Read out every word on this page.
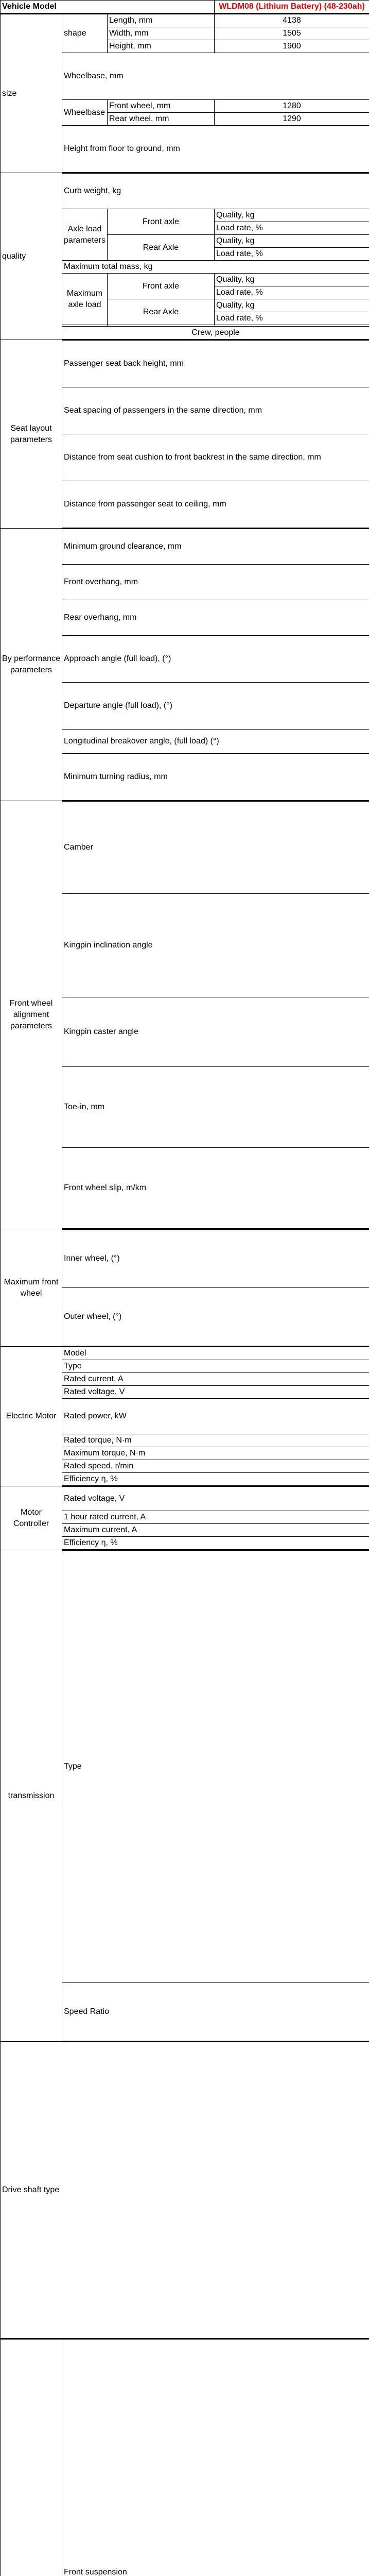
Vehicle Model				WLDM08 (Lithium Battery) (48-230ah)	
size	shape	Length, mm		4138	
		Width, mm		1505	
		Height, mm		1900	
	Wheelbase, mm	
	Wheelbase	Front wheel, mm		1280	
		Rear wheel, mm		1290	
	Height from floor to ground, mm	
quality	Curb weight, kg	
	Axle load parameters	Front axle		Quality, kg	
				Load rate, %	

		Rear Axle		Quality, kg	
				Load rate, %	

	Maximum total mass, kg				
	Maximum axle load	Front axle		Quality, kg	
				Load rate, %	

		Rear Axle		Quality, kg	
				Load rate, %	

	Crew, people	
Seat layout parameters	Passenger seat back height, mm	
	Seat spacing of passengers in the same direction, mm	

	Distance from seat cushion to front backrest in the same direction, mm	

	Distance from passenger seat to ceiling, mm	
By performance parameters	Minimum ground clearance, mm	
	Front overhang, mm	
	Rear overhang, mm	
	Approach angle (full load), (°)	
	Departure angle (full load), (°)	
	Longitudinal breakover angle, (full load) (°)	
	Minimum turning radius, mm	
Front wheel alignment parameters	Camber	
	Kingpin inclination angle	
	Kingpin caster angle	
	Toe-in, mm	
	Front wheel slip, m/km	
Maximum front wheel	Inner wheel, (°)	
	Outer wheel, (°)	
Electric Motor	Model				
	Type				
	Rated current, A				
	Rated voltage, V				
	Rated power, kW	
	Rated torque, N·m				
	Maximum torque, N·m				
	Rated speed, r/min				
	Efficiency η, %				
Motor Controller	Rated voltage, V	
	1 hour rated current, A				
	Maximum current, A				
	Efficiency η, %				
transmission	Type	

	Speed Ratio	
Drive shaft type	
	Front suspension	
